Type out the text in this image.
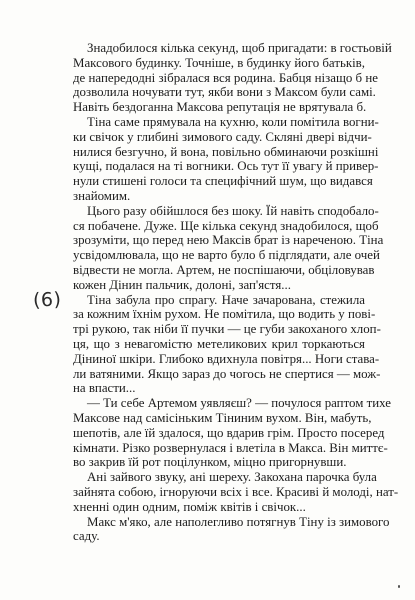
(6)
Знадобилося кілька секунд, щоб пригадати: в гостьовій
Максового будинку. Точніше, в будинку його батьків,
де напередодні зібралася вся родина. Бабця нізащо б не
дозволила ночувати тут, якби вони з Максом були самі.
Навіть бездоганна Максова репутація не врятувала б.
Тіна саме прямувала на кухню, коли помітила вогни-
ки свічок у глибині зимового саду. Скляні двері відчи-
нилися безгучно, й вона, повільно обминаючи розкішні
кущі, подалася на ті вогники. Ось тут її увагу й привер-
нули стишені голоси та специфічний шум, що видався
знайомим.
Цього разу обійшлося без шоку. Їй навіть сподобало-
ся побачене. Дуже. Ще кілька секунд знадобилося, щоб
зрозуміти, що перед нею Максів брат із нареченою. Тіна
усвідомлювала, що не варто було б підглядати, але очей
відвести не могла. Артем, не поспішаючи, обціловував
кожен Дінин пальчик, долоні, зап'ястя...
Тіна забула про спрагу. Наче зачарована, стежила
за кожним їхнім рухом. Не помітила, що водить у пові-
трі рукою, так ніби її пучки — це губи закоханого хлоп-
ця, що з невагомістю метеликових крил торкаються
Діниної шкіри. Глибоко вдихнула повітря... Ноги става-
ли ватяними. Якщо зараз до чогось не спертися — мож-
на впасти...
— Ти себе Артемом уявляєш? — почулося раптом тихе
Максове над самісіньким Тіниним вухом. Він, мабуть,
шепотів, але їй здалося, що вдарив грім. Просто посеред
кімнати. Різко розвернулася і влетіла в Макса. Він миттє-
во закрив їй рот поцілунком, міцно пригорнувши.
Ані зайвого звуку, ані шереху. Закохана парочка була
зайнята собою, ігноруючи всіх і все. Красиві й молоді, нат-
хненні один одним, поміж квітів і свічок...
Макс м'яко, але наполегливо потягнув Тіну із зимового
саду.
